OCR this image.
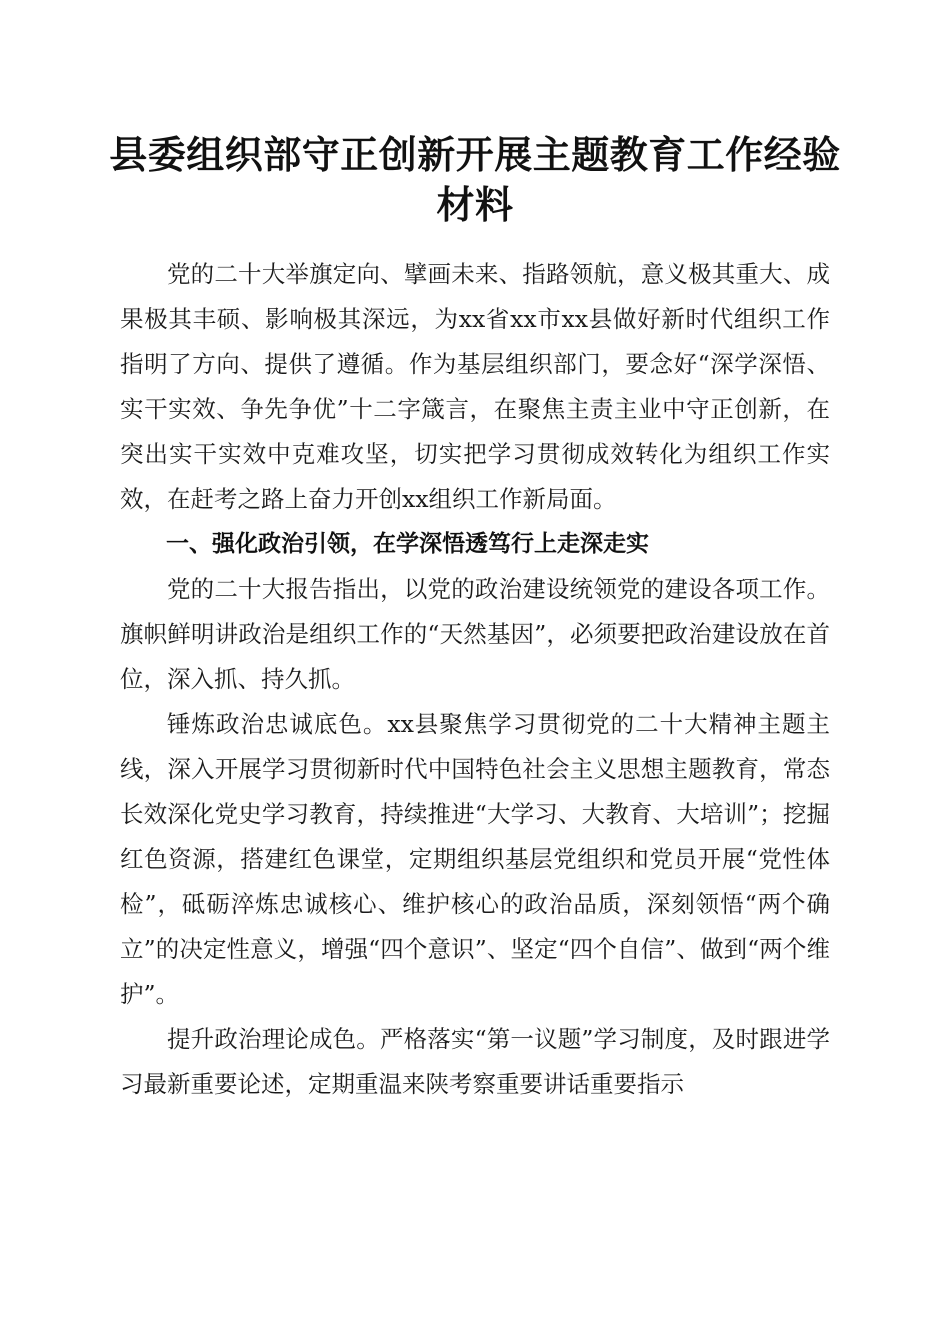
县委组织部守正创新开展主题教育工作经验材料

党的二十大举旗定向、擘画未来、指路领航，意义极其重大、成果极其丰硕、影响极其深远，为xx省xx市xx县做好新时代组织工作指明了方向、提供了遵循。作为基层组织部门，要念好“深学深悟、实干实效、争先争优”十二字箴言，在聚焦主责主业中守正创新，在突出实干实效中克难攻坚，切实把学习贯彻成效转化为组织工作实效，在赶考之路上奋力开创xx组织工作新局面。

一、强化政治引领，在学深悟透笃行上走深走实

党的二十大报告指出，以党的政治建设统领党的建设各项工作。旗帜鲜明讲政治是组织工作的“天然基因”，必须要把政治建设放在首位，深入抓、持久抓。

锤炼政治忠诚底色。xx县聚焦学习贯彻党的二十大精神主题主线，深入开展学习贯彻新时代中国特色社会主义思想主题教育，常态长效深化党史学习教育，持续推进“大学习、大教育、大培训”；挖掘红色资源，搭建红色课堂，定期组织基层党组织和党员开展“党性体检”，砥砺淬炼忠诚核心、维护核心的政治品质，深刻领悟“两个确立”的决定性意义，增强“四个意识”、坚定“四个自信”、做到“两个维护”。

提升政治理论成色。严格落实“第一议题”学习制度，及时跟进学习最新重要论述，定期重温来陕考察重要讲话重要指示
